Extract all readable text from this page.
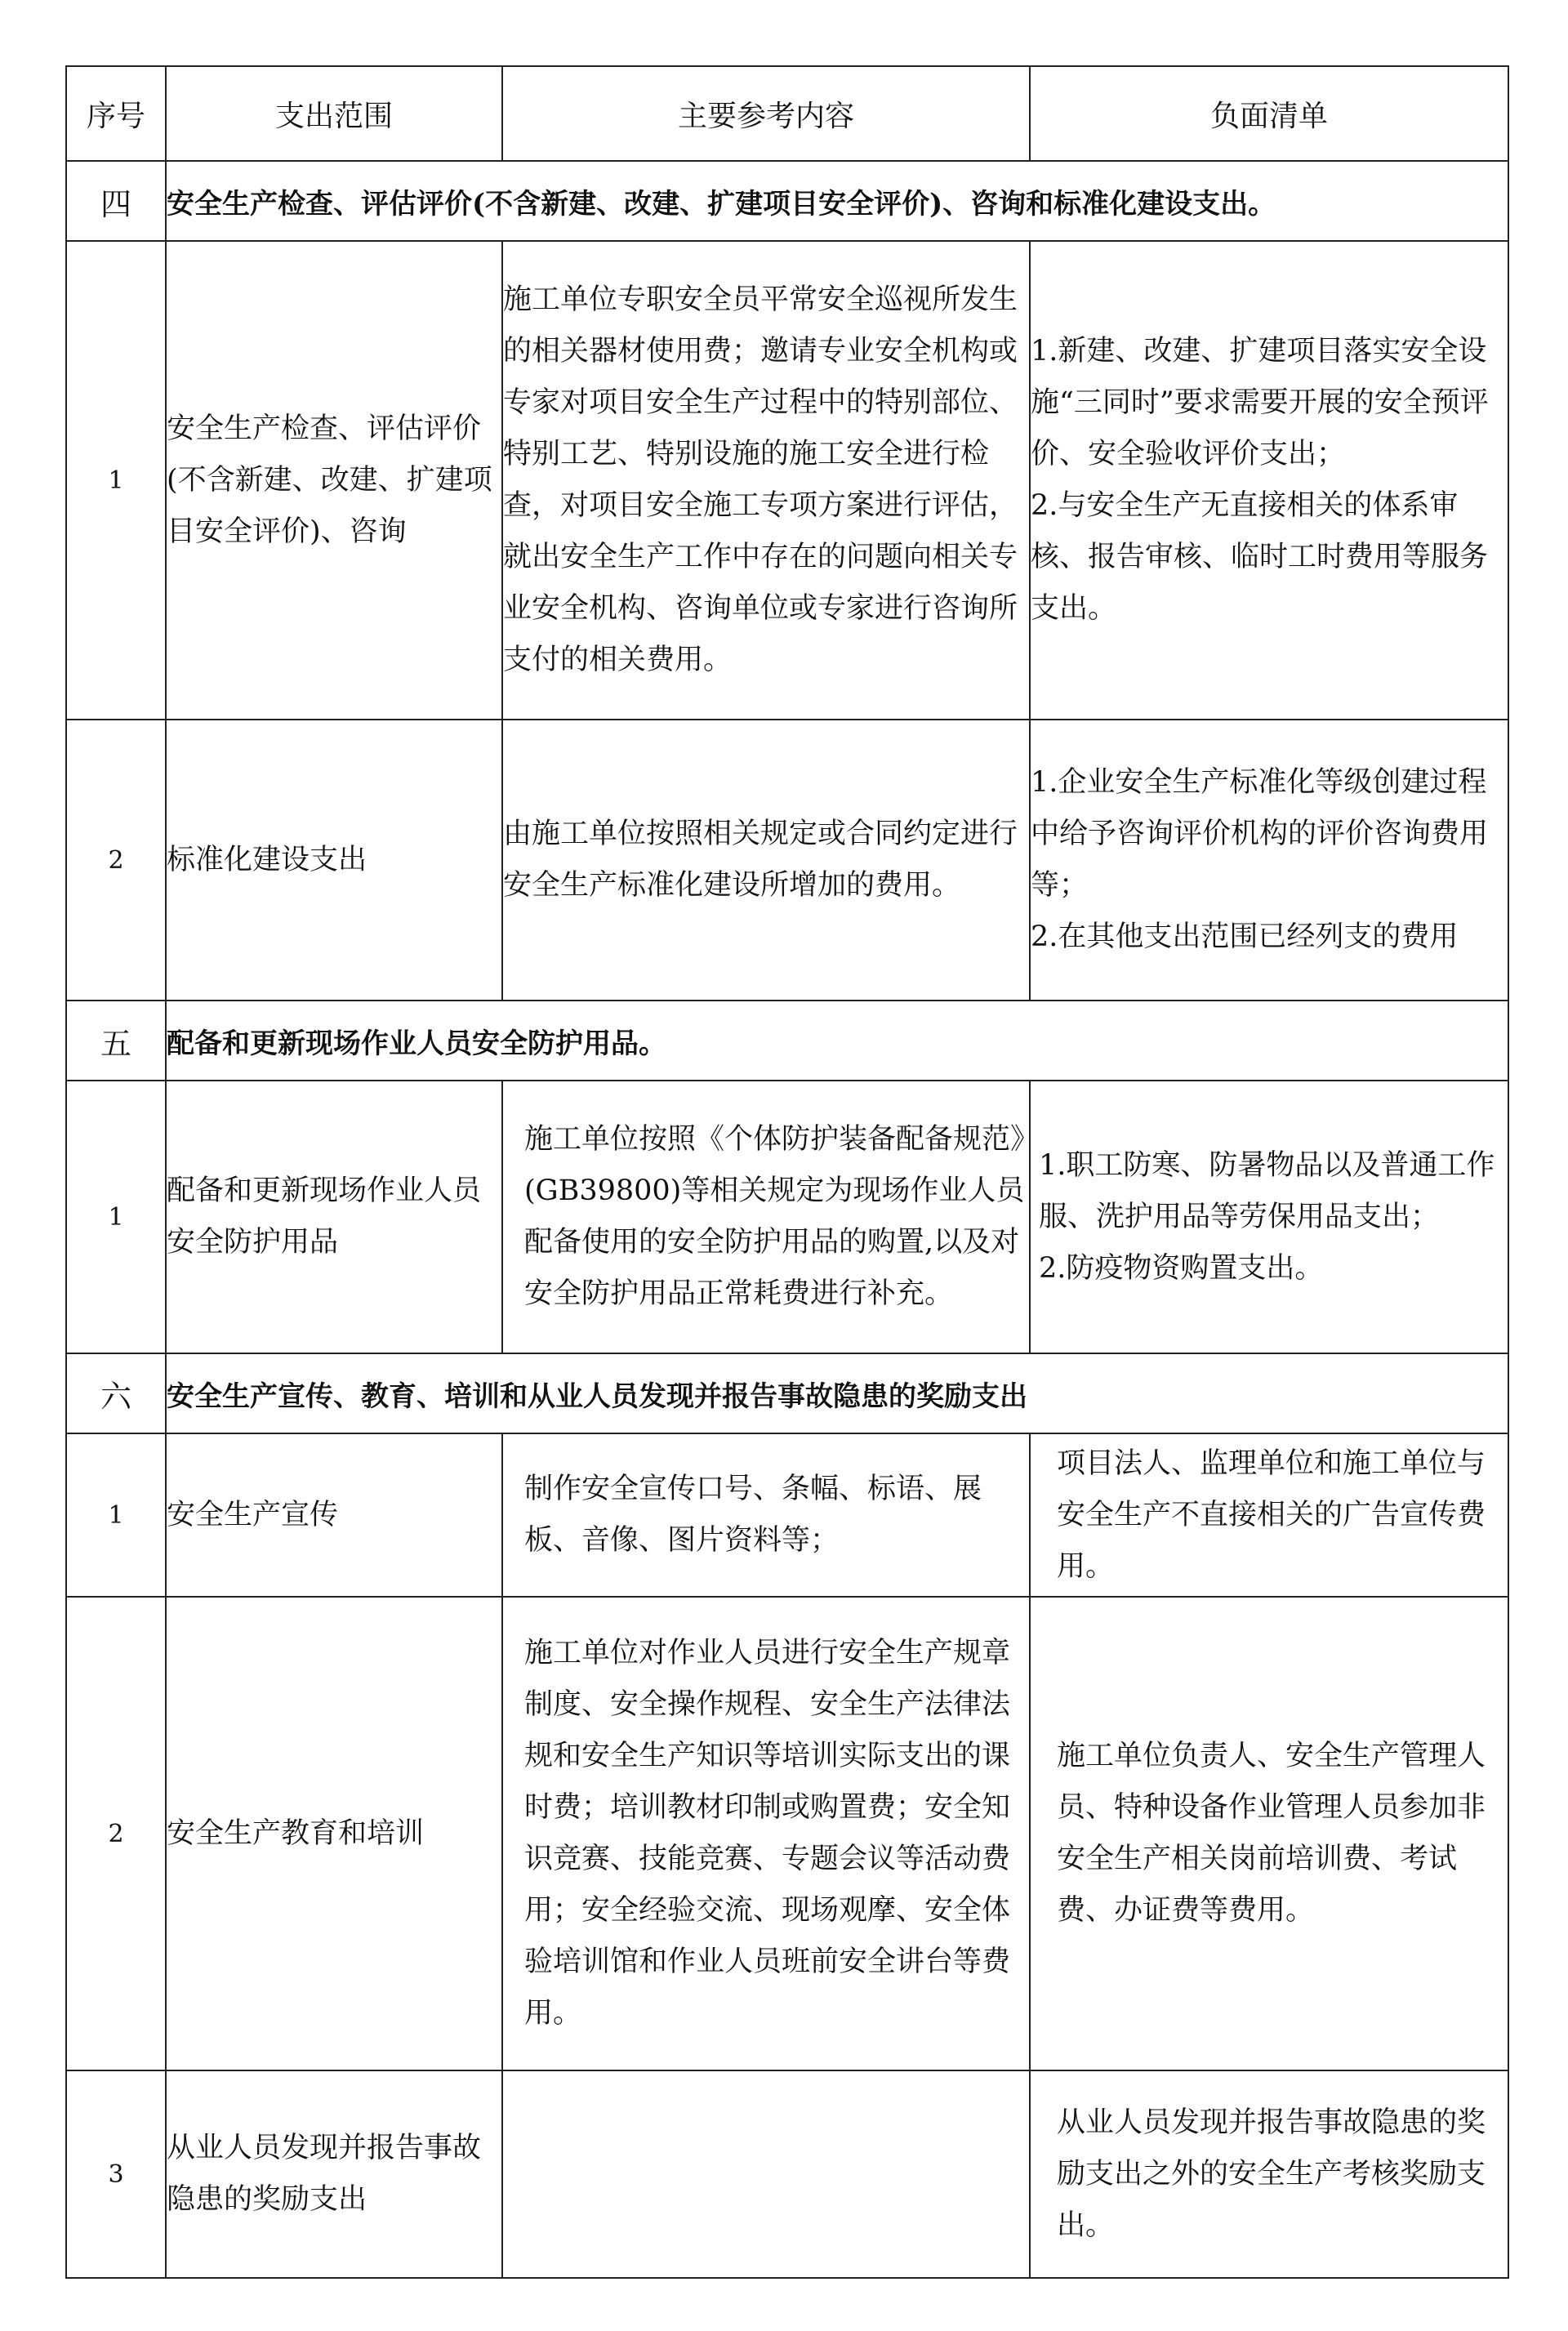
序号	支出范围	主要参考内容	负面清单
四	安全生产检查、评估评价(不含新建、改建、扩建项目安全评价)、咨询和标准化建设支出。		
1	安全生产检查、评估评价(不含新建、改建、扩建项目安全评价)、咨询	施工单位专职安全员平常安全巡视所发生的相关器材使用费；邀请专业安全机构或专家对项目安全生产过程中的特别部位、特别工艺、特别设施的施工安全进行检查，对项目安全施工专项方案进行评估，就出安全生产工作中存在的问题向相关专业安全机构、咨询单位或专家进行咨询所支付的相关费用。	1.新建、改建、扩建项目落实安全设施“三同时”要求需要开展的安全预评价、安全验收评价支出；
2.与安全生产无直接相关的体系审核、报告审核、临时工时费用等服务支出。

2	标准化建设支出	由施工单位按照相关规定或合同约定进行安全生产标准化建设所增加的费用。	1.企业安全生产标准化等级创建过程中给予咨询评价机构的评价咨询费用等；
2.在其他支出范围已经列支的费用

五	配备和更新现场作业人员安全防护用品。		
1	配备和更新现场作业人员安全防护用品	施工单位按照《个体防护装备配备规范》(GB39800)等相关规定为现场作业人员配备使用的安全防护用品的购置,以及对安全防护用品正常耗费进行补充。	1.职工防寒、防暑物品以及普通工作服、洗护用品等劳保用品支出；
2.防疫物资购置支出。

六	安全生产宣传、教育、培训和从业人员发现并报告事故隐患的奖励支出		
1	安全生产宣传	制作安全宣传口号、条幅、标语、展板、音像、图片资料等；	项目法人、监理单位和施工单位与安全生产不直接相关的广告宣传费用。

2	安全生产教育和培训	施工单位对作业人员进行安全生产规章制度、安全操作规程、安全生产法律法规和安全生产知识等培训实际支出的课时费；培训教材印制或购置费；安全知识竞赛、技能竞赛、专题会议等活动费用；安全经验交流、现场观摩、安全体验培训馆和作业人员班前安全讲台等费用。	施工单位负责人、安全生产管理人员、特种设备作业管理人员参加非安全生产相关岗前培训费、考试费、办证费等费用。

3	从业人员发现并报告事故隐患的奖励支出		从业人员发现并报告事故隐患的奖励支出之外的安全生产考核奖励支出。
